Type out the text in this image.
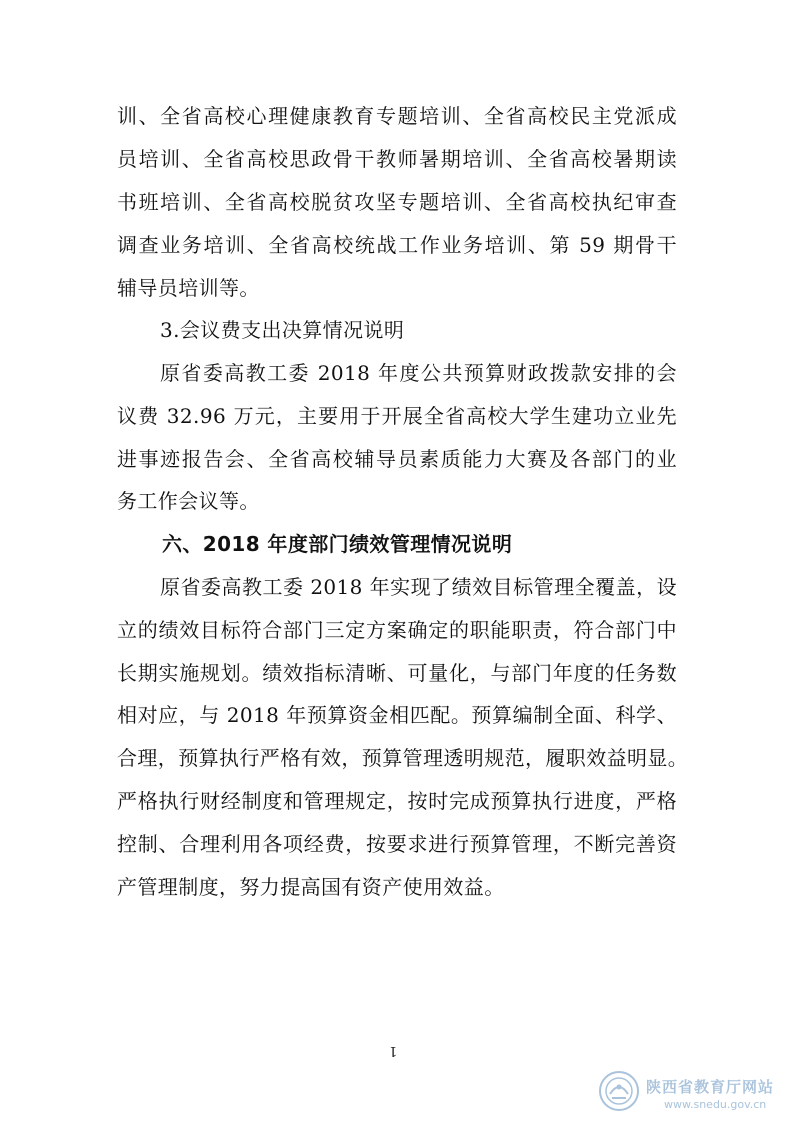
训、全省高校心理健康教育专题培训、全省高校民主党派成
员培训、全省高校思政骨干教师暑期培训、全省高校暑期读
书班培训、全省高校脱贫攻坚专题培训、全省高校执纪审查
调查业务培训、全省高校统战工作业务培训、第 59 期骨干
辅导员培训等。
3.会议费支出决算情况说明
原省委高教工委 2018 年度公共预算财政拨款安排的会
议费 32.96 万元，主要用于开展全省高校大学生建功立业先
进事迹报告会、全省高校辅导员素质能力大赛及各部门的业
务工作会议等。
六、2018 年度部门绩效管理情况说明
原省委高教工委 2018 年实现了绩效目标管理全覆盖，设
立的绩效目标符合部门三定方案确定的职能职责，符合部门中
长期实施规划。绩效指标清晰、可量化，与部门年度的任务数
相对应，与 2018 年预算资金相匹配。预算编制全面、科学、
合理，预算执行严格有效，预算管理透明规范，履职效益明显。
严格执行财经制度和管理规定，按时完成预算执行进度，严格
控制、合理利用各项经费，按要求进行预算管理，不断完善资
产管理制度，努力提高国有资产使用效益。
1
陕西省教育厅网站
www.snedu.gov.cn
